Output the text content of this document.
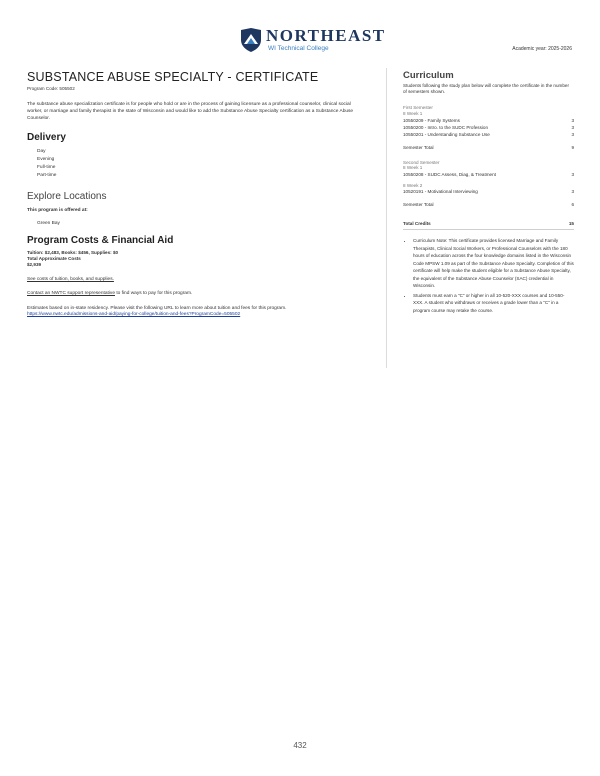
NORTHEAST
WI Technical College	Academic year: 2025-2026
SUBSTANCE ABUSE SPECIALTY - CERTIFICATE
Program Code: 505502

The substance abuse specialization certificate is for people who hold or are in the process of gaining licensure as a professional counselor, clinical social worker, or marriage and family therapist in the state of Wisconsin and would like to add the Substance Abuse Specialty certification as a Substance Abuse Counselor.

Delivery
Day
Evening
Full-time
Part-time
Explore Locations
This program is offered at:
Green Bay
Program Costs & Financial Aid
Tuition: $2,483, Books: $456, Supplies: $0
Total Approximate Costs
$2,939
See costs of tuition, books, and supplies.
Contact an NWTC support representative to find ways to pay for this program.
Estimates based on in-state residency. Please visit the following URL to learn more about tuition and fees for this program.
https://www.nwtc.edu/admissions-and-aid/paying-for-college/tuition-and-fees?ProgramCode=505502
Curriculum

Students following the study plan below will complete the certificate in the number of semesters shown.

First Semester
8 Week 1
10550209 - Family Systems	3
10550200 - Intro. to the SUDC Profession	3
10550201 - Understanding Substance Use	3
Semester Total	9
Second Semester
8 Week 1
10550208 - SUDC Assess, Diag, & Treatment	3
8 Week 2
10520191 - Motivational Interviewing	3
Semester Total	6
Total Credits	15
• Curriculum Note: This certificate provides licensed Marriage and Family Therapists, Clinical Social Workers, or Professional Counselors with the 180 hours of education across the four knowledge domains listed in the Wisconsin Code MPSW 1.09 as part of the Substance Abuse Specialty. Completion of this certificate will help make the student eligible for a Substance Abuse Specialty, the equivalent of the Substance Abuse Counselor (SAC) credential in Wisconsin.
• Students must earn a "C" or higher in all 10-520-XXX courses and 10-550-XXX. A student who withdraws or receives a grade lower than a "C" in a program course may retake the course.
432
